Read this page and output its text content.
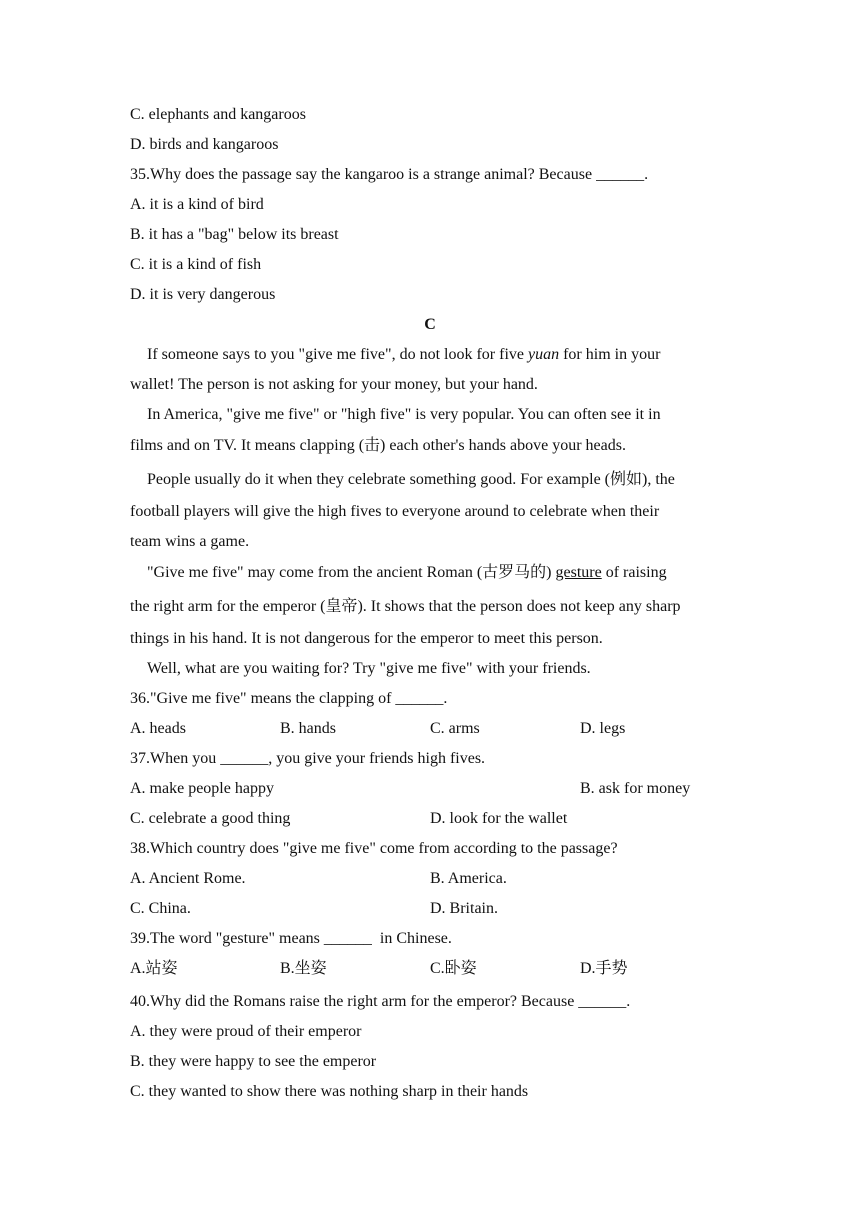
C. elephants and kangaroos
D. birds and kangaroos
35.Why does the passage say the kangaroo is a strange animal? Because ______.
A. it is a kind of bird
B. it has a "bag" below its breast
C. it is a kind of fish
D. it is very dangerous
C
If someone says to you "give me five", do not look for five yuan for him in your
wallet! The person is not asking for your money, but your hand.
In America, "give me five" or "high five" is very popular. You can often see it in
films and on TV. It means clapping (击) each other's hands above your heads.
People usually do it when they celebrate something good. For example (例如), the
football players will give the high fives to everyone around to celebrate when their
team wins a game.
"Give me five" may come from the ancient Roman (古罗马的) gesture of raising
the right arm for the emperor (皇帝). It shows that the person does not keep any sharp
things in his hand. It is not dangerous for the emperor to meet this person.
Well, what are you waiting for? Try "give me five" with your friends.
36."Give me five" means the clapping of ______.
A. heads	B. hands	C. arms	D. legs
37.When you ______, you give your friends high fives.
A. make people happy	B. ask for money
C. celebrate a good thing	D. look for the wallet
38.Which country does "give me five" come from according to the passage?
A. Ancient Rome.	B. America.
C. China.	D. Britain.
39.The word "gesture" means ______  in Chinese.
A.站姿	B.坐姿	C.卧姿	D.手势
40.Why did the Romans raise the right arm for the emperor? Because ______.
A. they were proud of their emperor
B. they were happy to see the emperor
C. they wanted to show there was nothing sharp in their hands
